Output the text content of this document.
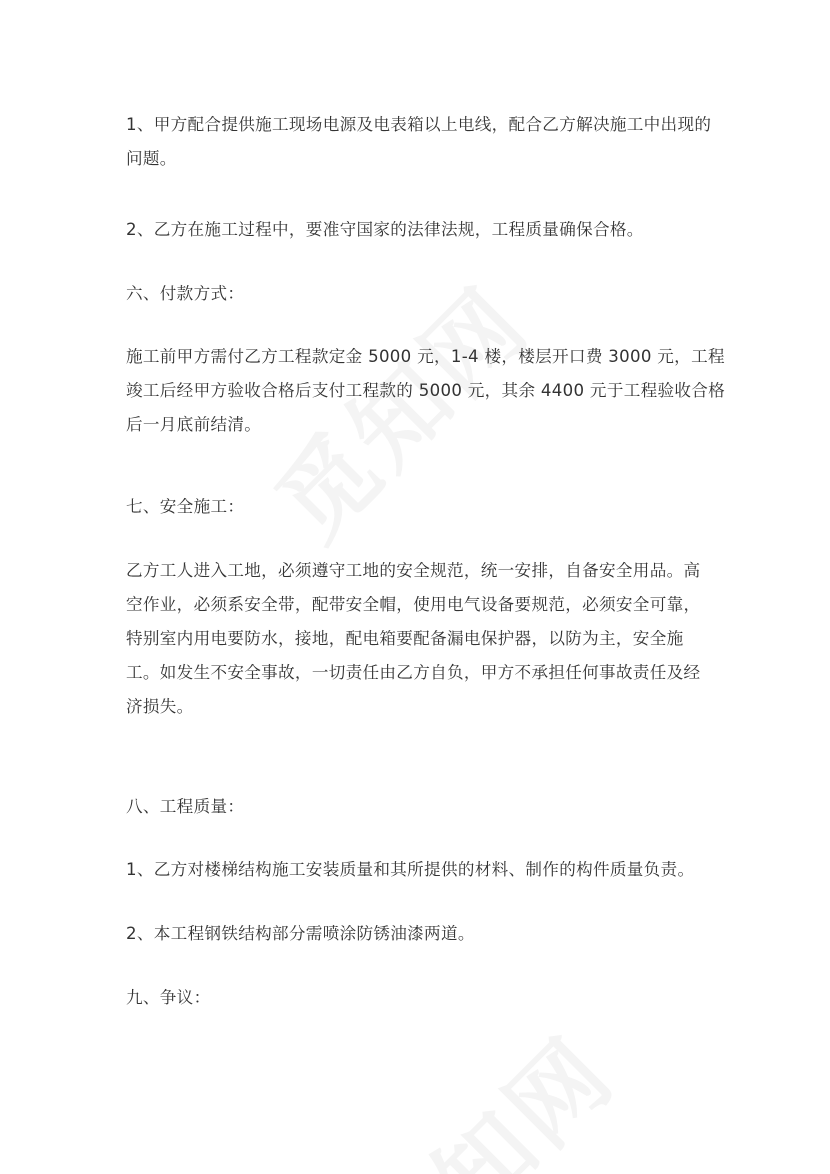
1、甲方配合提供施工现场电源及电表箱以上电线，配合乙方解决施工中出现的
问题。

2、乙方在施工过程中，要准守国家的法律法规，工程质量确保合格。

六、付款方式：

施工前甲方需付乙方工程款定金 5000 元，1-4 楼，楼层开口费 3000 元，工程
竣工后经甲方验收合格后支付工程款的 5000 元，其余 4400 元于工程验收合格
后一月底前结清。

七、安全施工：

乙方工人进入工地，必须遵守工地的安全规范，统一安排，自备安全用品。高
空作业，必须系安全带，配带安全帽，使用电气设备要规范，必须安全可靠，
特别室内用电要防水，接地，配电箱要配备漏电保护器，以防为主，安全施
工。如发生不安全事故，一切责任由乙方自负，甲方不承担任何事故责任及经
济损失。

八、工程质量：

1、乙方对楼梯结构施工安装质量和其所提供的材料、制作的构件质量负责。

2、本工程钢铁结构部分需喷涂防锈油漆两道。

九、争议：
